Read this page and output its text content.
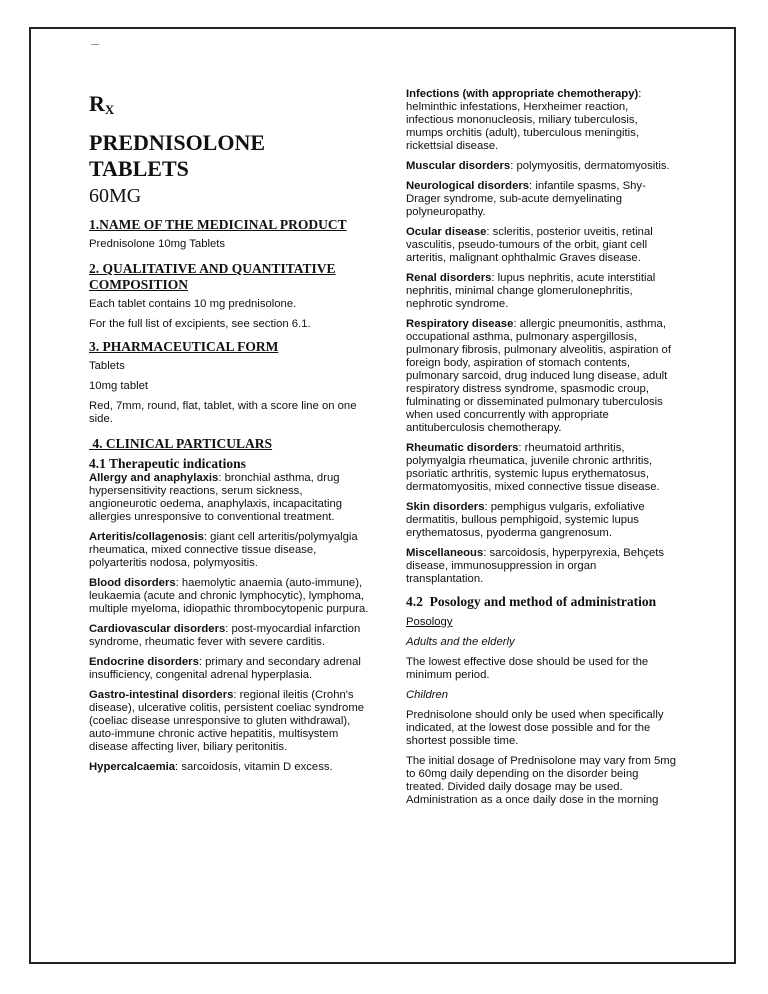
$R_X$
PREDNISOLONE
TABLETS
60MG
1.NAME OF THE MEDICINAL PRODUCT

Prednisolone 10mg Tablets

2. QUALITATIVE AND QUANTITATIVE COMPOSITION

Each tablet contains 10 mg prednisolone.

For the full list of excipients, see section 6.1.

3. PHARMACEUTICAL FORM

Tablets

10mg tablet

Red, 7mm, round, flat, tablet, with a score line on one side.

4. CLINICAL PARTICULARS
4.1 Therapeutic indications

Allergy and anaphylaxis: bronchial asthma, drug hypersensitivity reactions, serum sickness, angioneurotic oedema, anaphylaxis, incapacitating allergies unresponsive to conventional treatment.

Arteritis/collagenosis: giant cell arteritis/polymyalgia rheumatica, mixed connective tissue disease, polyarteritis nodosa, polymyositis.

Blood disorders: haemolytic anaemia (auto-immune), leukaemia (acute and chronic lymphocytic), lymphoma, multiple myeloma, idiopathic thrombocytopenic purpura.

Cardiovascular disorders: post-myocardial infarction syndrome, rheumatic fever with severe carditis.

Endocrine disorders: primary and secondary adrenal insufficiency, congenital adrenal hyperplasia.

Gastro-intestinal disorders: regional ileitis (Crohn's disease), ulcerative colitis, persistent coeliac syndrome (coeliac disease unresponsive to gluten withdrawal), auto-immune chronic active hepatitis, multisystem disease affecting liver, biliary peritonitis.

Hypercalcaemia: sarcoidosis, vitamin D excess.

Infections (with appropriate chemotherapy): helminthic infestations, Herxheimer reaction, infectious mononucleosis, miliary tuberculosis, mumps orchitis (adult), tuberculous meningitis, rickettsial disease.

Muscular disorders: polymyositis, dermatomyositis.

Neurological disorders: infantile spasms, Shy-Drager syndrome, sub-acute demyelinating polyneuropathy.

Ocular disease: scleritis, posterior uveitis, retinal vasculitis, pseudo-tumours of the orbit, giant cell arteritis, malignant ophthalmic Graves disease.

Renal disorders: lupus nephritis, acute interstitial nephritis, minimal change glomerulonephritis, nephrotic syndrome.

Respiratory disease: allergic pneumonitis, asthma, occupational asthma, pulmonary aspergillosis, pulmonary fibrosis, pulmonary alveolitis, aspiration of foreign body, aspiration of stomach contents, pulmonary sarcoid, drug induced lung disease, adult respiratory distress syndrome, spasmodic croup, fulminating or disseminated pulmonary tuberculosis when used concurrently with appropriate antituberculosis chemotherapy.

Rheumatic disorders: rheumatoid arthritis, polymyalgia rheumatica, juvenile chronic arthritis, psoriatic arthritis, systemic lupus erythematosus, dermatomyositis, mixed connective tissue disease.

Skin disorders: pemphigus vulgaris, exfoliative dermatitis, bullous pemphigoid, systemic lupus erythematosus, pyoderma gangrenosum.

Miscellaneous: sarcoidosis, hyperpyrexia, Behçets disease, immunosuppression in organ transplantation.

4.2  Posology and method of administration

Posology

Adults and the elderly

The lowest effective dose should be used for the minimum period.

Children

Prednisolone should only be used when specifically indicated, at the lowest dose possible and for the shortest possible time.

The initial dosage of Prednisolone may vary from 5mg to 60mg daily depending on the disorder being treated. Divided daily dosage may be used. Administration as a once daily dose in the morning
